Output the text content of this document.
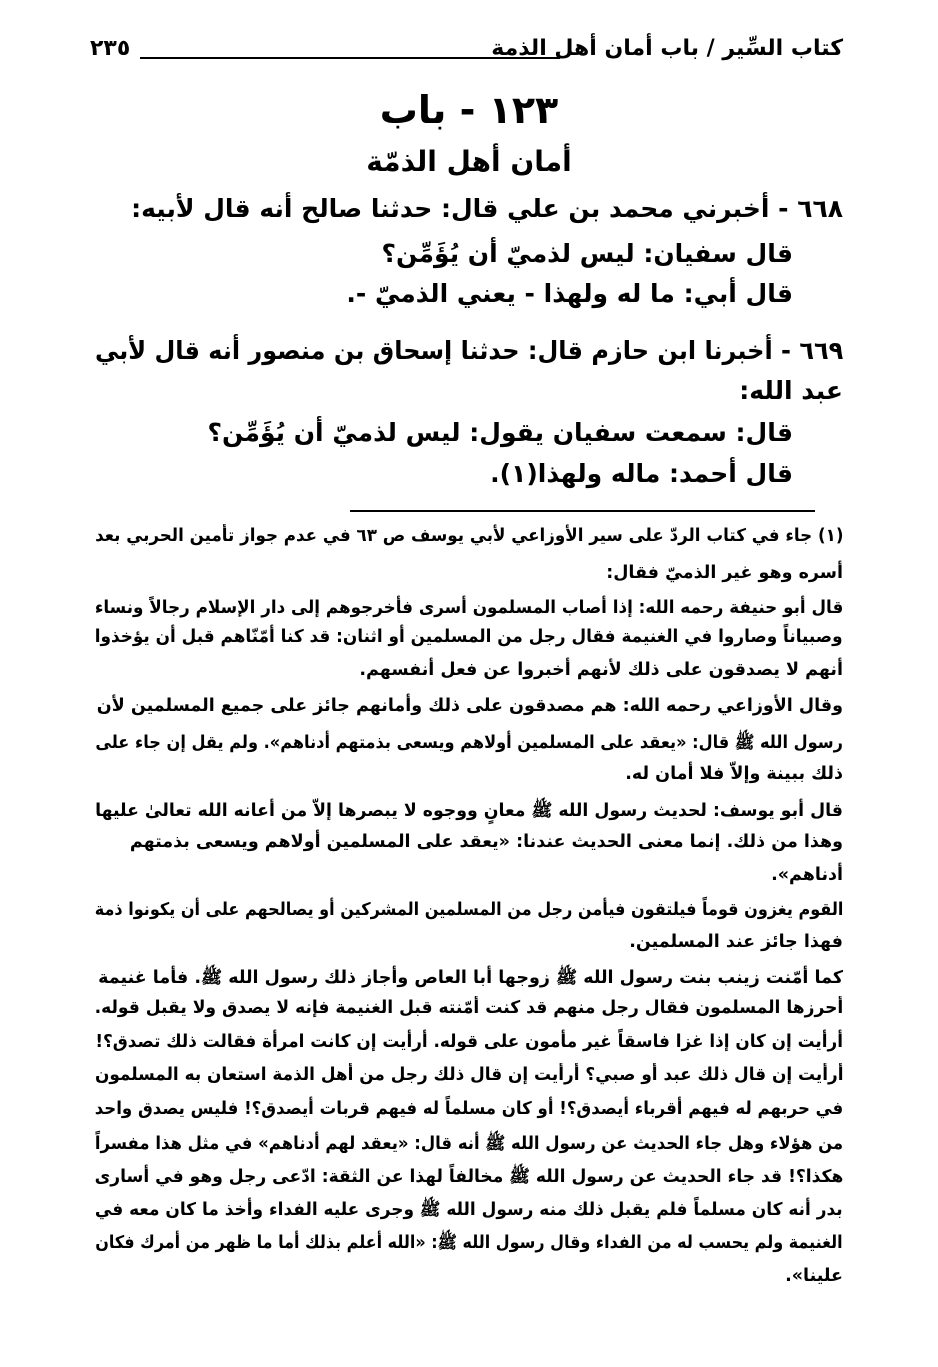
كتاب السِّير / باب أمان أهل الذمة
٢٣٥
١٢٣ - باب
أمان أهل الذمّة
٦٦٨ - أخبرني محمد بن علي قال: حدثنا صالح أنه قال لأبيه:
قال سفيان: ليس لذميّ أن يُؤَمِّن؟
قال أبي: ما له ولهذا - يعني الذميّ -.
٦٦٩ - أخبرنا ابن حازم قال: حدثنا إسحاق بن منصور أنه قال لأبي
عبد الله:
قال: سمعت سفيان يقول: ليس لذميّ أن يُؤَمِّن؟
قال أحمد: ماله ولهذا(١).
(١) جاء في كتاب الردّ على سير الأوزاعي لأبي يوسف ص ٦٣ في عدم جواز تأمين الحربي بعد
أسره وهو غير الذميّ فقال:
قال أبو حنيفة رحمه الله: إذا أصاب المسلمون أسرى فأخرجوهم إلى دار الإسلام رجالاً ونساء
وصبياناً وصاروا في الغنيمة فقال رجل من المسلمين أو اثنان: قد كنا أمّنّاهم قبل أن يؤخذوا
أنهم لا يصدقون على ذلك لأنهم أخبروا عن فعل أنفسهم.
وقال الأوزاعي رحمه الله: هم مصدقون على ذلك وأمانهم جائز على جميع المسلمين لأن
رسول الله ﷺ قال: «يعقد على المسلمين أولاهم ويسعى بذمتهم أدناهم». ولم يقل إن جاء على
ذلك ببينة وإلاّ فلا أمان له.
قال أبو يوسف: لحديث رسول الله ﷺ معانٍ ووجوه لا يبصرها إلاّ من أعانه الله تعالىٰ عليها
وهذا من ذلك. إنما معنى الحديث عندنا: «يعقد على المسلمين أولاهم ويسعى بذمتهم
أدناهم».
القوم يغزون قوماً فيلتقون فيأمن رجل من المسلمين المشركين أو يصالحهم على أن يكونوا ذمة
فهذا جائز عند المسلمين.
كما أمّنت زينب بنت رسول الله ﷺ زوجها أبا العاص وأجاز ذلك رسول الله ﷺ. فأما غنيمة
أحرزها المسلمون فقال رجل منهم قد كنت أمّنته قبل الغنيمة فإنه لا يصدق ولا يقبل قوله.
أرأيت إن كان إذا غزا فاسقاً غير مأمون على قوله. أرأيت إن كانت امرأة فقالت ذلك تصدق؟!
أرأيت إن قال ذلك عبد أو صبي؟ أرأيت إن قال ذلك رجل من أهل الذمة استعان به المسلمون
في حربهم له فيهم أقرباء أيصدق؟! أو كان مسلماً له فيهم قربات أيصدق؟! فليس يصدق واحد
من هؤلاء وهل جاء الحديث عن رسول الله ﷺ أنه قال: «يعقد لهم أدناهم» في مثل هذا مفسراً
هكذا؟! قد جاء الحديث عن رسول الله ﷺ مخالفاً لهذا عن الثقة: ادّعى رجل وهو في أسارى
بدر أنه كان مسلماً فلم يقبل ذلك منه رسول الله ﷺ وجرى عليه الفداء وأخذ ما كان معه في
الغنيمة ولم يحسب له من الفداء وقال رسول الله ﷺ: «الله أعلم بذلك أما ما ظهر من أمرك فكان
علينا».
